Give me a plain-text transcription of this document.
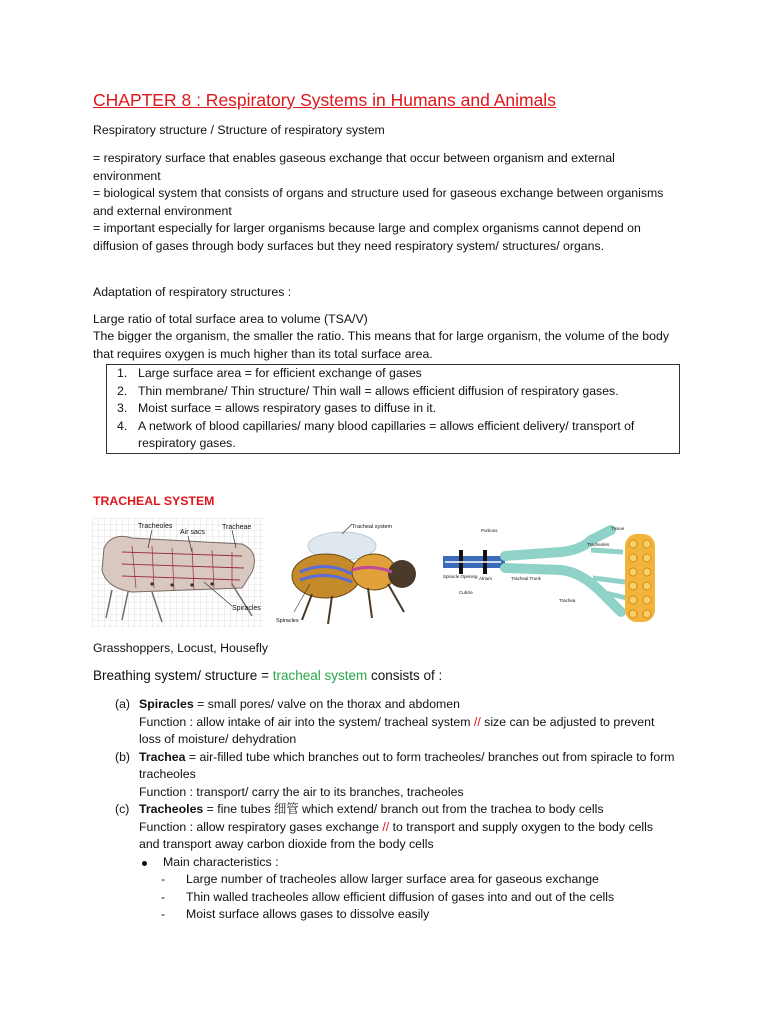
CHAPTER 8 : Respiratory Systems in Humans and Animals
Respiratory structure / Structure of respiratory system
= respiratory surface that enables gaseous exchange that occur between organism and external environment
= biological system that consists of organs and structure used for gaseous exchange between organisms and external environment
= important especially for larger organisms because large and complex organisms cannot depend on diffusion of gases through body surfaces but they need respiratory system/ structures/ organs.
Adaptation of respiratory structures :
Large ratio of total surface area to volume (TSA/V)
The bigger the organism, the smaller the ratio. This means that for large organism, the volume of the body that requires oxygen is much higher than its total surface area.
1. Large surface area = for efficient exchange of gases
2. Thin membrane/ Thin structure/ Thin wall = allows efficient diffusion of respiratory gases.
3. Moist surface = allows respiratory gases to diffuse in it.
4. A network of blood capillaries/ many blood capillaries = allows efficient delivery/ transport of respiratory gases.
TRACHEAL SYSTEM
Tracheoles
Air sacs
Tracheae
Spiracles
Tracheal system
Spiracles
Portions	Tissue
Tracheoles
Spiracle Opening Atrium	Tracheal Trunk
Cuticle
Trachea
Grasshoppers, Locust, Housefly
Breathing system/ structure = tracheal system consists of :
(a) Spiracles = small pores/ valve on the thorax and abdomen
Function : allow intake of air into the system/ tracheal system // size can be adjusted to prevent loss of moisture/ dehydration
(b) Trachea = air-filled tube which branches out to form tracheoles/ branches out from spiracle to form tracheoles
Function : transport/ carry the air to its branches, tracheoles
(c) Tracheoles = fine tubes 细管 which extend/ branch out from the trachea to body cells
Function : allow respiratory gases exchange // to transport and supply oxygen to the body cells and transport away carbon dioxide from the body cells
Main characteristics :
- Large number of tracheoles allow larger surface area for gaseous exchange
- Thin walled tracheoles allow efficient diffusion of gases into and out of the cells
- Moist surface allows gases to dissolve easily
